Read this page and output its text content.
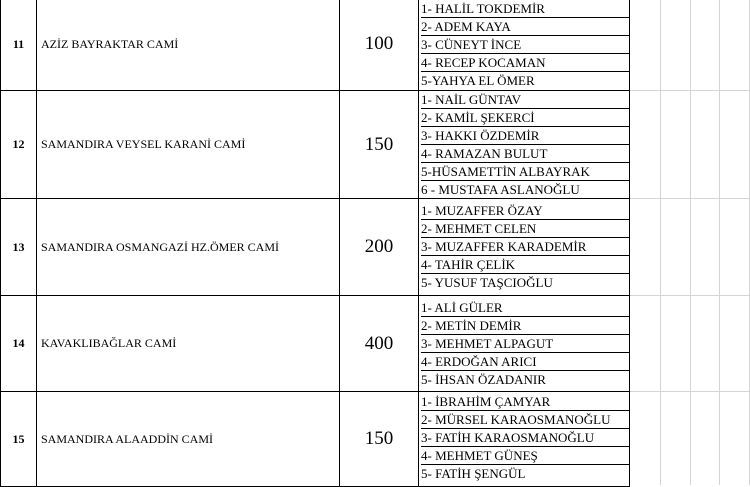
11	AZİZ BAYRAKTAR CAMİ	100
1- HALİL TOKDEMİR
2- ADEM KAYA
3- CÜNEYT İNCE
4- RECEP KOCAMAN
5-YAHYA EL ÖMER
12	SAMANDIRA VEYSEL KARANİ CAMİ	150
1- NAİL GÜNTAV
2- KAMİL ŞEKERCİ
3- HAKKI ÖZDEMİR
4- RAMAZAN BULUT
5-HÜSAMETTİN ALBAYRAK
6 - MUSTAFA ASLANOĞLU
13	SAMANDIRA OSMANGAZİ HZ.ÖMER CAMİ	200
1- MUZAFFER ÖZAY
2- MEHMET CELEN
3- MUZAFFER KARADEMİR
4- TAHİR ÇELİK
5- YUSUF TAŞCIOĞLU
14	KAVAKLIBAĞLAR CAMİ	400
1- ALİ GÜLER
2- METİN DEMİR
3- MEHMET ALPAGUT
4- ERDOĞAN ARICI
5- İHSAN ÖZADANIR
15	SAMANDIRA ALAADDİN CAMİ	150
1- İBRAHİM ÇAMYAR
2- MÜRSEL KARAOSMANOĞLU
3- FATİH KARAOSMANOĞLU
4- MEHMET GÜNEŞ
5- FATİH ŞENGÜL
